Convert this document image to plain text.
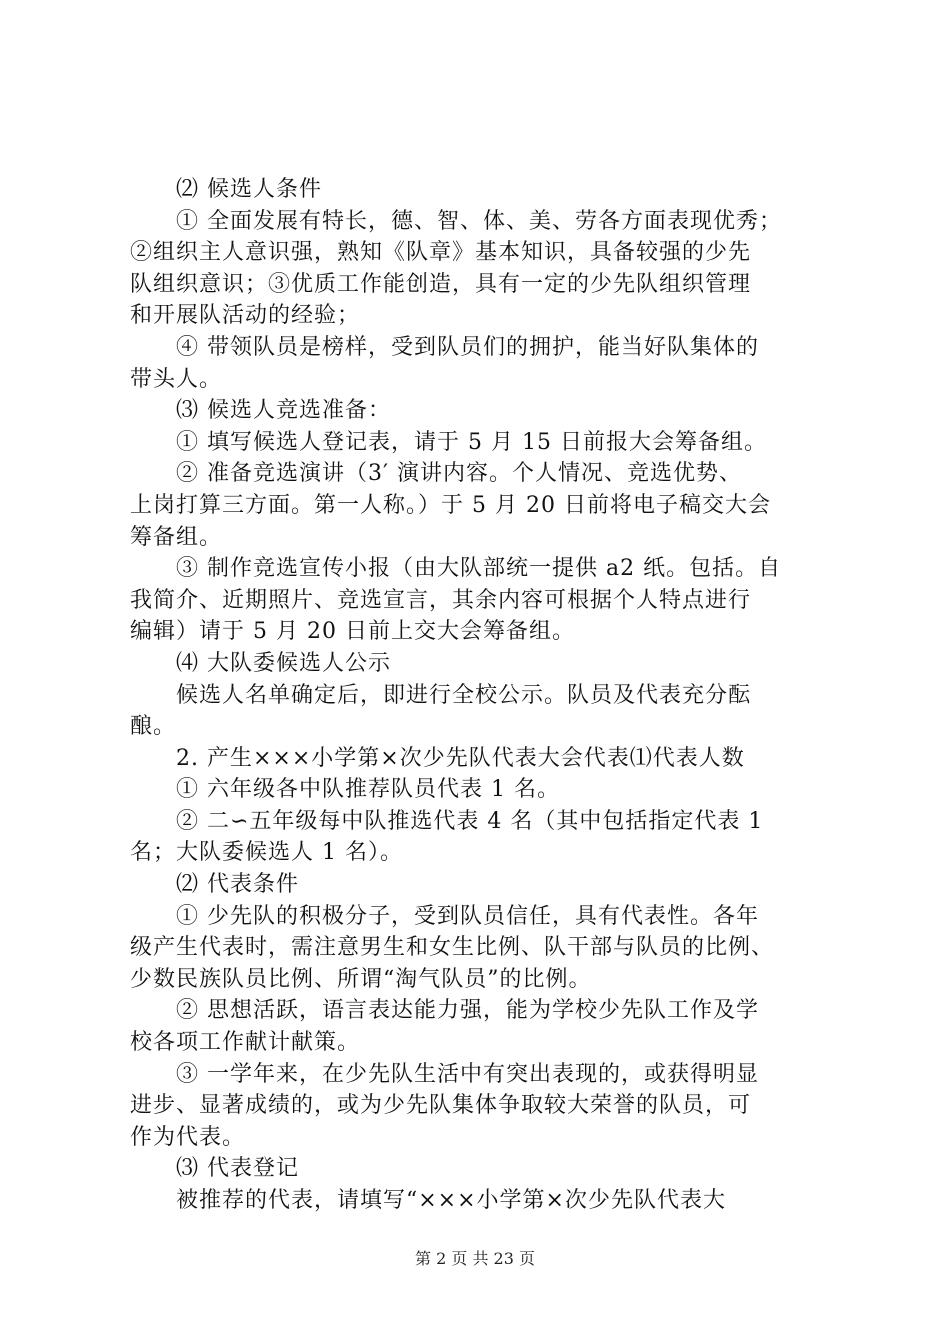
⑵ 候选人条件
① 全面发展有特长，德、智、体、美、劳各方面表现优秀；
②组织主人意识强，熟知《队章》基本知识，具备较强的少先
队组织意识；③优质工作能创造，具有一定的少先队组织管理
和开展队活动的经验；
④ 带领队员是榜样，受到队员们的拥护，能当好队集体的
带头人。
⑶ 候选人竞选准备：
① 填写候选人登记表，请于 5 月 15 日前报大会筹备组。
② 准备竞选演讲（3′ 演讲内容。个人情况、竞选优势、
上岗打算三方面。第一人称。）于 5 月 20 日前将电子稿交大会
筹备组。
③ 制作竞选宣传小报（由大队部统一提供 a2 纸。包括。自
我简介、近期照片、竞选宣言，其余内容可根据个人特点进行
编辑）请于 5 月 20 日前上交大会筹备组。
⑷ 大队委候选人公示
候选人名单确定后，即进行全校公示。队员及代表充分酝
酿。
2. 产生×××小学第×次少先队代表大会代表⑴代表人数
① 六年级各中队推荐队员代表 1 名。
② 二∽五年级每中队推选代表 4 名（其中包括指定代表 1
名；大队委候选人 1 名）。
⑵ 代表条件
① 少先队的积极分子，受到队员信任，具有代表性。各年
级产生代表时，需注意男生和女生比例、队干部与队员的比例、
少数民族队员比例、所谓“淘气队员”的比例。
② 思想活跃，语言表达能力强，能为学校少先队工作及学
校各项工作献计献策。
③ 一学年来，在少先队生活中有突出表现的，或获得明显
进步、显著成绩的，或为少先队集体争取较大荣誉的队员，可
作为代表。
⑶ 代表登记
被推荐的代表，请填写“×××小学第×次少先队代表大
第 2 页 共 23 页
